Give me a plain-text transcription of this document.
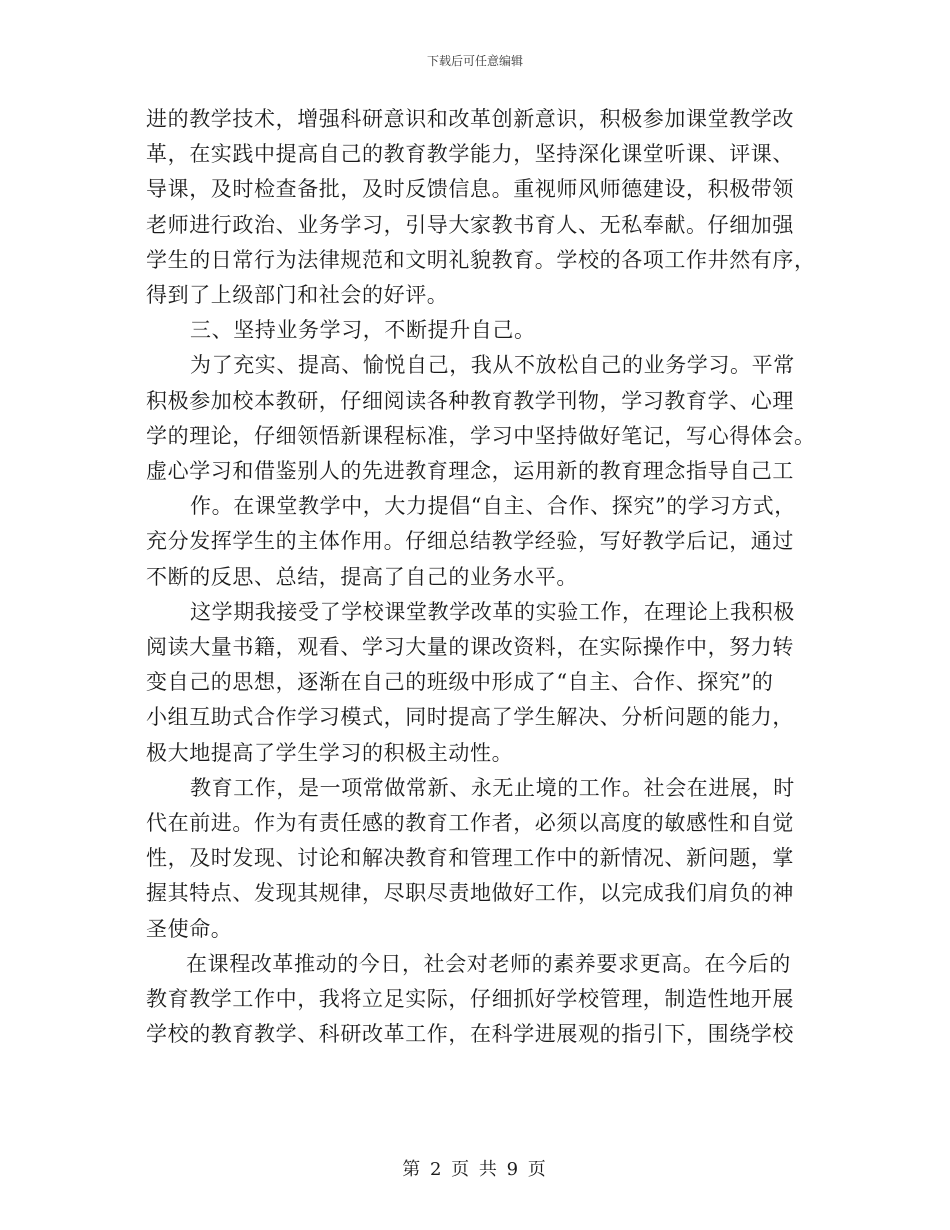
下载后可任意编辑
进的教学技术，增强科研意识和改革创新意识，积极参加课堂教学改
革，在实践中提高自己的教育教学能力，坚持深化课堂听课、评课、
导课，及时检查备批，及时反馈信息。重视师风师德建设，积极带领
老师进行政治、业务学习，引导大家教书育人、无私奉献。仔细加强
学生的日常行为法律规范和文明礼貌教育。学校的各项工作井然有序，
得到了上级部门和社会的好评。
三、坚持业务学习，不断提升自己。
为了充实、提高、愉悦自己，我从不放松自己的业务学习。平常
积极参加校本教研，仔细阅读各种教育教学刊物，学习教育学、心理
学的理论，仔细领悟新课程标准，学习中坚持做好笔记，写心得体会。
虚心学习和借鉴别人的先进教育理念，运用新的教育理念指导自己工
作。在课堂教学中，大力提倡“自主、合作、探究”的学习方式，
充分发挥学生的主体作用。仔细总结教学经验，写好教学后记，通过
不断的反思、总结，提高了自己的业务水平。
这学期我接受了学校课堂教学改革的实验工作，在理论上我积极
阅读大量书籍，观看、学习大量的课改资料，在实际操作中，努力转
变自己的思想，逐渐在自己的班级中形成了“自主、合作、探究”的
小组互助式合作学习模式，同时提高了学生解决、分析问题的能力，
极大地提高了学生学习的积极主动性。
教育工作，是一项常做常新、永无止境的工作。社会在进展，时
代在前进。作为有责任感的教育工作者，必须以高度的敏感性和自觉
性，及时发现、讨论和解决教育和管理工作中的新情况、新问题，掌
握其特点、发现其规律，尽职尽责地做好工作，以完成我们肩负的神
圣使命。
在课程改革推动的今日，社会对老师的素养要求更高。在今后的
教育教学工作中，我将立足实际，仔细抓好学校管理，制造性地开展
学校的教育教学、科研改革工作，在科学进展观的指引下，围绕学校
第 2 页 共 9 页
